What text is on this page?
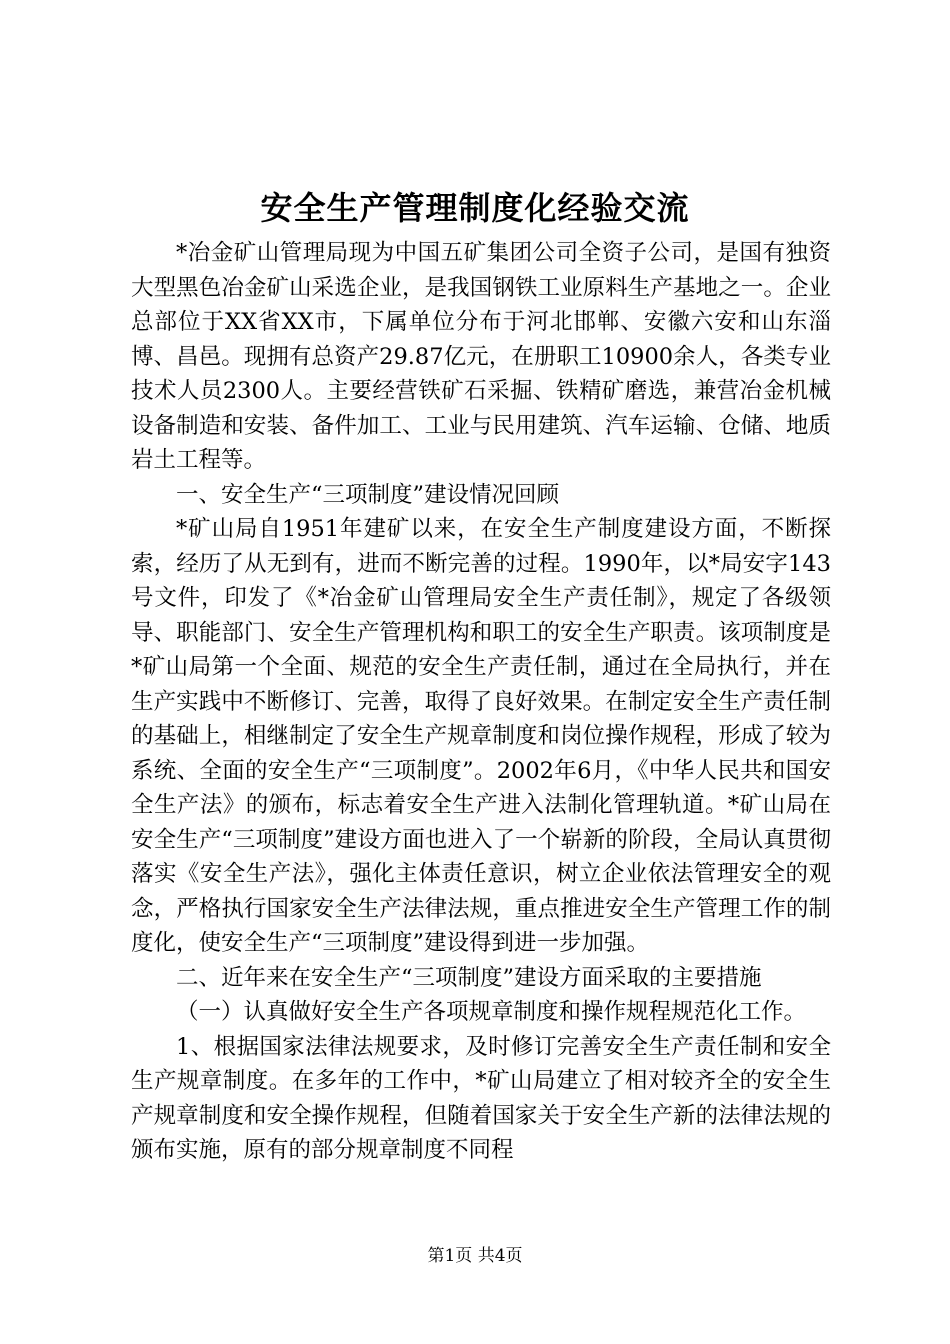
安全生产管理制度化经验交流

*冶金矿山管理局现为中国五矿集团公司全资子公司，是国有独资大型黑色冶金矿山采选企业，是我国钢铁工业原料生产基地之一。企业总部位于XX省XX市，下属单位分布于河北邯郸、安徽六安和山东淄博、昌邑。现拥有总资产29.87亿元，在册职工10900余人，各类专业技术人员2300人。主要经营铁矿石采掘、铁精矿磨选，兼营冶金机械设备制造和安装、备件加工、工业与民用建筑、汽车运输、仓储、地质岩土工程等。

一、安全生产“三项制度”建设情况回顾

*矿山局自1951年建矿以来，在安全生产制度建设方面，不断探索，经历了从无到有，进而不断完善的过程。1990年，以*局安字143号文件，印发了《*冶金矿山管理局安全生产责任制》，规定了各级领导、职能部门、安全生产管理机构和职工的安全生产职责。该项制度是*矿山局第一个全面、规范的安全生产责任制，通过在全局执行，并在生产实践中不断修订、完善，取得了良好效果。在制定安全生产责任制的基础上，相继制定了安全生产规章制度和岗位操作规程，形成了较为系统、全面的安全生产“三项制度”。2002年6月，《中华人民共和国安全生产法》的颁布，标志着安全生产进入法制化管理轨道。*矿山局在安全生产“三项制度”建设方面也进入了一个崭新的阶段，全局认真贯彻落实《安全生产法》，强化主体责任意识，树立企业依法管理安全的观念，严格执行国家安全生产法律法规，重点推进安全生产管理工作的制度化，使安全生产“三项制度”建设得到进一步加强。

二、近年来在安全生产“三项制度”建设方面采取的主要措施

（一）认真做好安全生产各项规章制度和操作规程规范化工作。

1、根据国家法律法规要求，及时修订完善安全生产责任制和安全生产规章制度。在多年的工作中，*矿山局建立了相对较齐全的安全生产规章制度和安全操作规程，但随着国家关于安全生产新的法律法规的颁布实施，原有的部分规章制度不同程

第1页 共4页
